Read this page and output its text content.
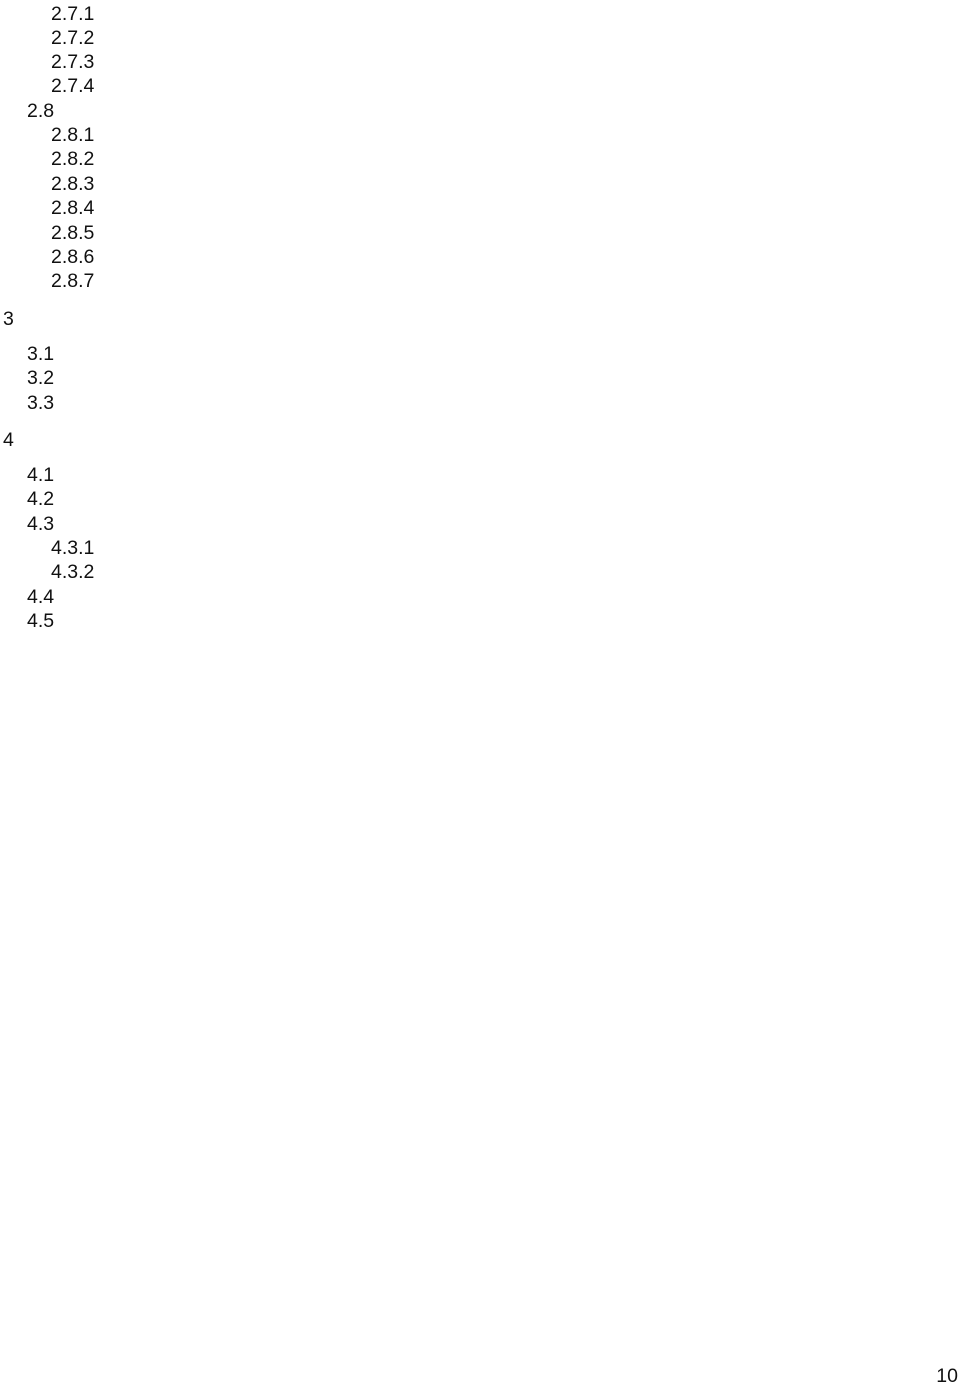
2.7.1
2.7.2
2.7.3
2.7.4
2.8
2.8.1
2.8.2
2.8.3
2.8.4
2.8.5
2.8.6
2.8.7
3
3.1
3.2
3.3
4
4.1
4.2
4.3
4.3.1
4.3.2
4.4
4.5
10
